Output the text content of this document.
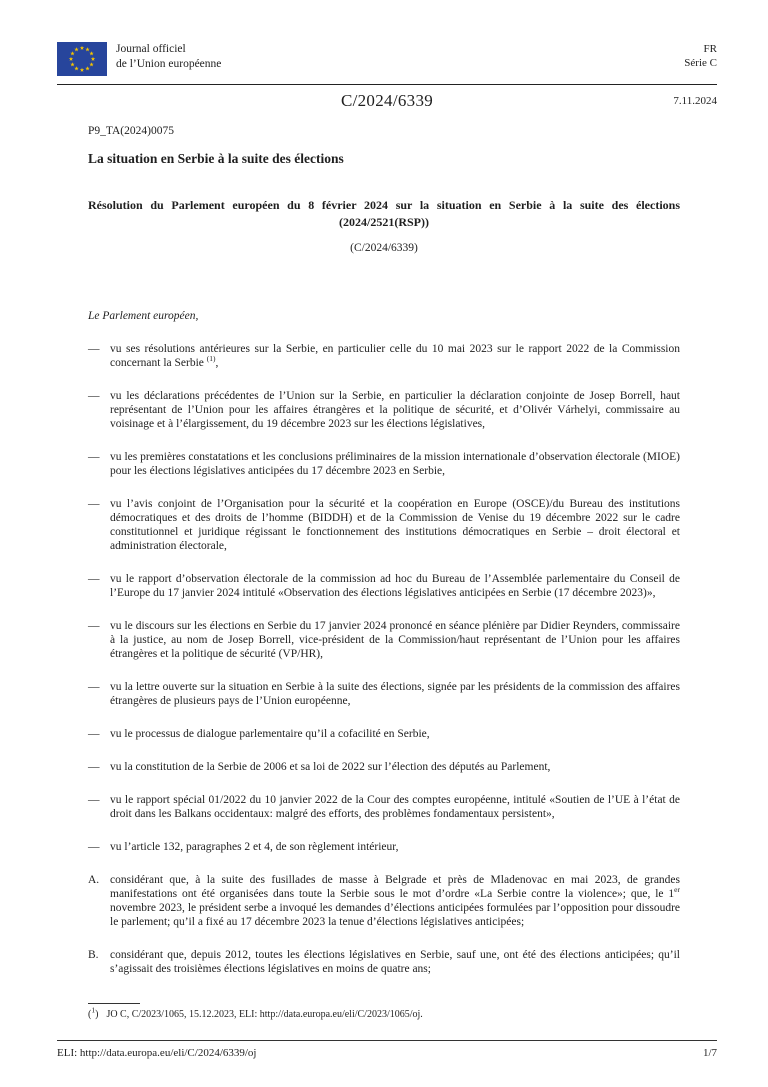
Journal officiel
de l’Union européenne
FR
Série C
C/2024/6339	7.11.2024
P9_TA(2024)0075
La situation en Serbie à la suite des élections
Résolution du Parlement européen du 8 février 2024 sur la situation en Serbie à la suite des élections (2024/2521(RSP))
(C/2024/6339)
Le Parlement européen,
— vu ses résolutions antérieures sur la Serbie, en particulier celle du 10 mai 2023 sur le rapport 2022 de la Commission concernant la Serbie $^{(1)}$,
— vu les déclarations précédentes de l’Union sur la Serbie, en particulier la déclaration conjointe de Josep Borrell, haut représentant de l’Union pour les affaires étrangères et la politique de sécurité, et d’Olivér Várhelyi, commissaire au voisinage et à l’élargissement, du 19 décembre 2023 sur les élections législatives,
— vu les premières constatations et les conclusions préliminaires de la mission internationale d’observation électorale (MIOE) pour les élections législatives anticipées du 17 décembre 2023 en Serbie,
— vu l’avis conjoint de l’Organisation pour la sécurité et la coopération en Europe (OSCE)/du Bureau des institutions démocratiques et des droits de l’homme (BIDDH) et de la Commission de Venise du 19 décembre 2022 sur le cadre constitutionnel et juridique régissant le fonctionnement des institutions démocratiques en Serbie – droit électoral et administration électorale,
— vu le rapport d’observation électorale de la commission ad hoc du Bureau de l’Assemblée parlementaire du Conseil de l’Europe du 17 janvier 2024 intitulé «Observation des élections législatives anticipées en Serbie (17 décembre 2023)»,
— vu le discours sur les élections en Serbie du 17 janvier 2024 prononcé en séance plénière par Didier Reynders, commissaire à la justice, au nom de Josep Borrell, vice-président de la Commission/haut représentant de l’Union pour les affaires étrangères et la politique de sécurité (VP/HR),
— vu la lettre ouverte sur la situation en Serbie à la suite des élections, signée par les présidents de la commission des affaires étrangères de plusieurs pays de l’Union européenne,
— vu le processus de dialogue parlementaire qu’il a cofacilité en Serbie,
— vu la constitution de la Serbie de 2006 et sa loi de 2022 sur l’élection des députés au Parlement,
— vu le rapport spécial 01/2022 du 10 janvier 2022 de la Cour des comptes européenne, intitulé «Soutien de l’UE à l’état de droit dans les Balkans occidentaux: malgré des efforts, des problèmes fondamentaux persistent»,
— vu l’article 132, paragraphes 2 et 4, de son règlement intérieur,
A. considérant que, à la suite des fusillades de masse à Belgrade et près de Mladenovac en mai 2023, de grandes manifestations ont été organisées dans toute la Serbie sous le mot d’ordre «La Serbie contre la violence»; que, le 1er novembre 2023, le président serbe a invoqué les demandes d’élections anticipées formulées par l’opposition pour dissoudre le parlement; qu’il a fixé au 17 décembre 2023 la tenue d’élections législatives anticipées;
B. considérant que, depuis 2012, toutes les élections législatives en Serbie, sauf une, ont été des élections anticipées; qu’il s’agissait des troisièmes élections législatives en moins de quatre ans;
($^1$) JO C, C/2023/1065, 15.12.2023, ELI: http://data.europa.eu/eli/C/2023/1065/oj.
ELI: http://data.europa.eu/eli/C/2024/6339/oj	1/7
